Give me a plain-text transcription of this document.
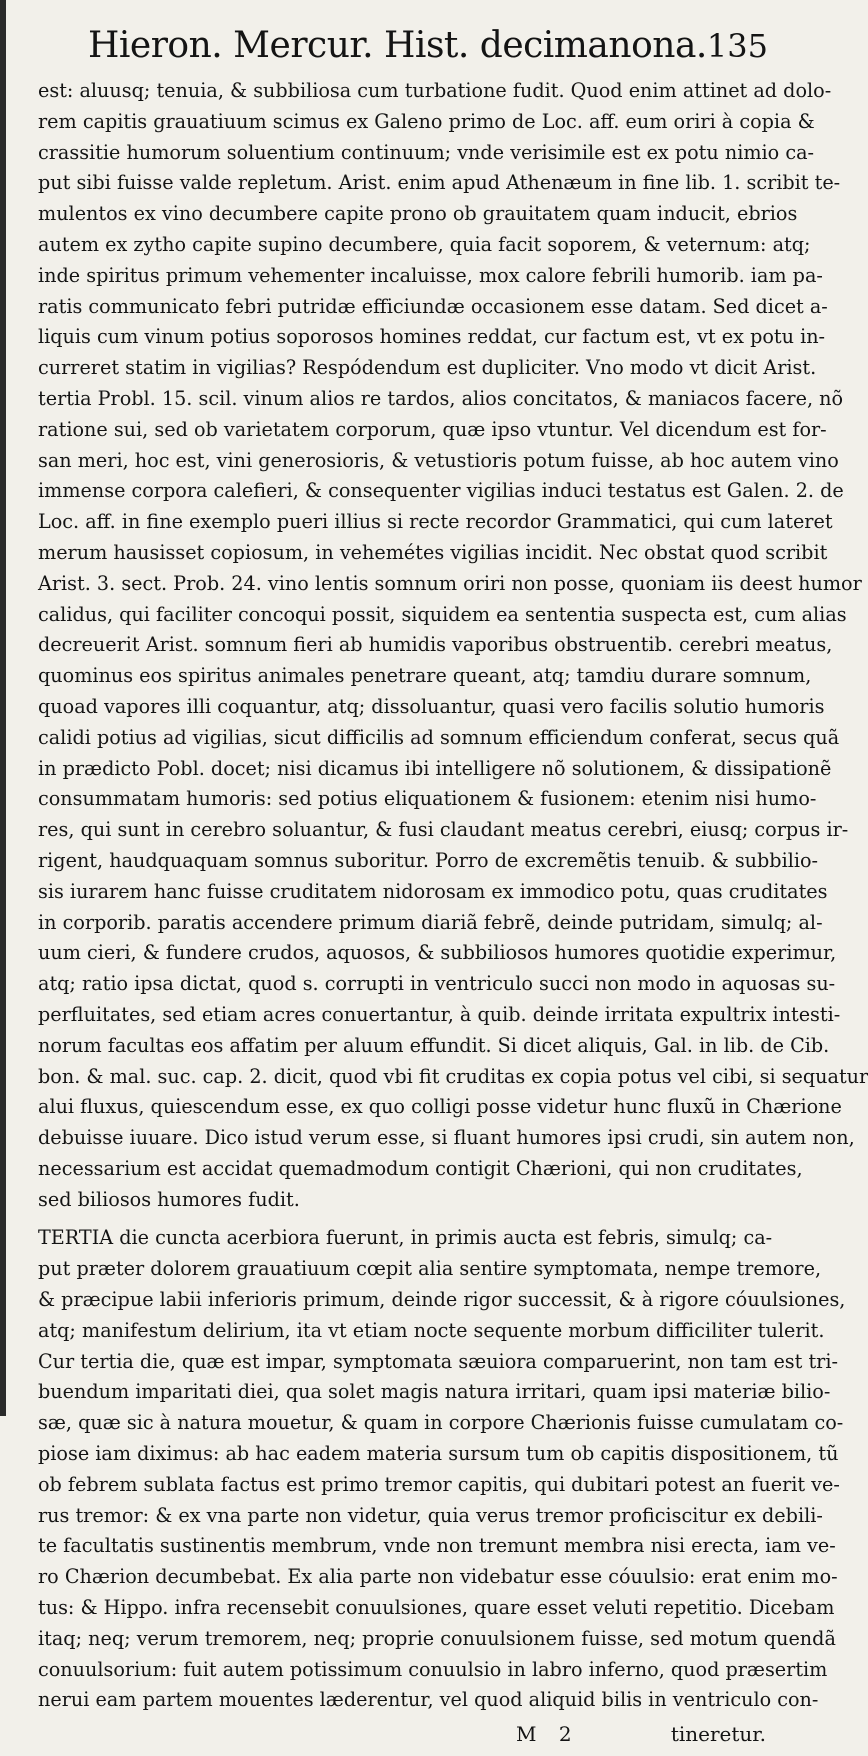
Hieron. Mercur. Hist. decimanona. 135
est: aluusq; tenuia, & subbiliosa cum turbatione fudit. Quod enim attinet ad dolo-
rem capitis grauatiuum scimus ex Galeno primo de Loc. aff. eum oriri à copia &
crassitie humorum soluentium continuum; vnde verisimile est ex potu nimio ca-
put sibi fuisse valde repletum. Arist. enim apud Athenæum in fine lib. 1. scribit te-
mulentos ex vino decumbere capite prono ob grauitatem quam inducit, ebrios
autem ex zytho capite supino decumbere, quia facit soporem, & veternum: atq;
inde spiritus primum vehementer incaluisse, mox calore febrili humorib. iam pa-
ratis communicato febri putridæ efficiundæ occasionem esse datam. Sed dicet a-
liquis cum vinum potius soporosos homines reddat, cur factum est, vt ex potu in-
curreret statim in vigilias? Respódendum est dupliciter. Vno modo vt dicit Arist.
tertia Probl. 15. scil. vinum alios re tardos, alios concitatos, & maniacos facere, nõ
ratione sui, sed ob varietatem corporum, quæ ipso vtuntur. Vel dicendum est for-
san meri, hoc est, vini generosioris, & vetustioris potum fuisse, ab hoc autem vino
immense corpora calefieri, & consequenter vigilias induci testatus est Galen. 2. de
Loc. aff. in fine exemplo pueri illius si recte recordor Grammatici, qui cum lateret
merum hausisset copiosum, in vehemétes vigilias incidit. Nec obstat quod scribit
Arist. 3. sect. Prob. 24. vino lentis somnum oriri non posse, quoniam iis deest humor
calidus, qui faciliter concoqui possit, siquidem ea sententia suspecta est, cum alias
decreuerit Arist. somnum fieri ab humidis vaporibus obstruentib. cerebri meatus,
quominus eos spiritus animales penetrare queant, atq; tamdiu durare somnum,
quoad vapores illi coquantur, atq; dissoluantur, quasi vero facilis solutio humoris
calidi potius ad vigilias, sicut difficilis ad somnum efficiendum conferat, secus quã
in prædicto Pobl. docet; nisi dicamus ibi intelligere nõ solutionem, & dissipationẽ
consummatam humoris: sed potius eliquationem & fusionem: etenim nisi humo-
res, qui sunt in cerebro soluantur, & fusi claudant meatus cerebri, eiusq; corpus ir-
rigent, haudquaquam somnus suboritur. Porro de excremẽtis tenuib. & subbilio-
sis iurarem hanc fuisse cruditatem nidorosam ex immodico potu, quas cruditates
in corporib. paratis accendere primum diariã febrẽ, deinde putridam, simulq; al-
uum cieri, & fundere crudos, aquosos, & subbiliosos humores quotidie experimur,
atq; ratio ipsa dictat, quod s. corrupti in ventriculo succi non modo in aquosas su-
perfluitates, sed etiam acres conuertantur, à quib. deinde irritata expultrix intesti-
norum facultas eos affatim per aluum effundit. Si dicet aliquis, Gal. in lib. de Cib.
bon. & mal. suc. cap. 2. dicit, quod vbi fit cruditas ex copia potus vel cibi, si sequatur
alui fluxus, quiescendum esse, ex quo colligi posse videtur hunc fluxũ in Chærione
debuisse iuuare. Dico istud verum esse, si fluant humores ipsi crudi, sin autem non,
necessarium est accidat quemadmodum contigit Chærioni, qui non cruditates,
sed biliosos humores fudit.
TERTIA die cuncta acerbiora fuerunt, in primis aucta est febris, simulq; ca-
put præter dolorem grauatiuum cœpit alia sentire symptomata, nempe tremore,
& præcipue labii inferioris primum, deinde rigor successit, & à rigore cóuulsiones,
atq; manifestum delirium, ita vt etiam nocte sequente morbum difficiliter tulerit.
Cur tertia die, quæ est impar, symptomata sæuiora comparuerint, non tam est tri-
buendum imparitati diei, qua solet magis natura irritari, quam ipsi materiæ bilio-
sæ, quæ sic à natura mouetur, & quam in corpore Chærionis fuisse cumulatam co-
piose iam diximus: ab hac eadem materia sursum tum ob capitis dispositionem, tũ
ob febrem sublata factus est primo tremor capitis, qui dubitari potest an fuerit ve-
rus tremor: & ex vna parte non videtur, quia verus tremor proficiscitur ex debili-
te facultatis sustinentis membrum, vnde non tremunt membra nisi erecta, iam ve-
ro Chærion decumbebat. Ex alia parte non videbatur esse cóuulsio: erat enim mo-
tus: & Hippo. infra recensebit conuulsiones, quare esset veluti repetitio. Dicebam
itaq; neq; verum tremorem, neq; proprie conuulsionem fuisse, sed motum quendã
conuulsorium: fuit autem potissimum conuulsio in labro inferno, quod præsertim
nerui eam partem mouentes læderentur, vel quod aliquid bilis in ventriculo con-
M 2	tineretur.
